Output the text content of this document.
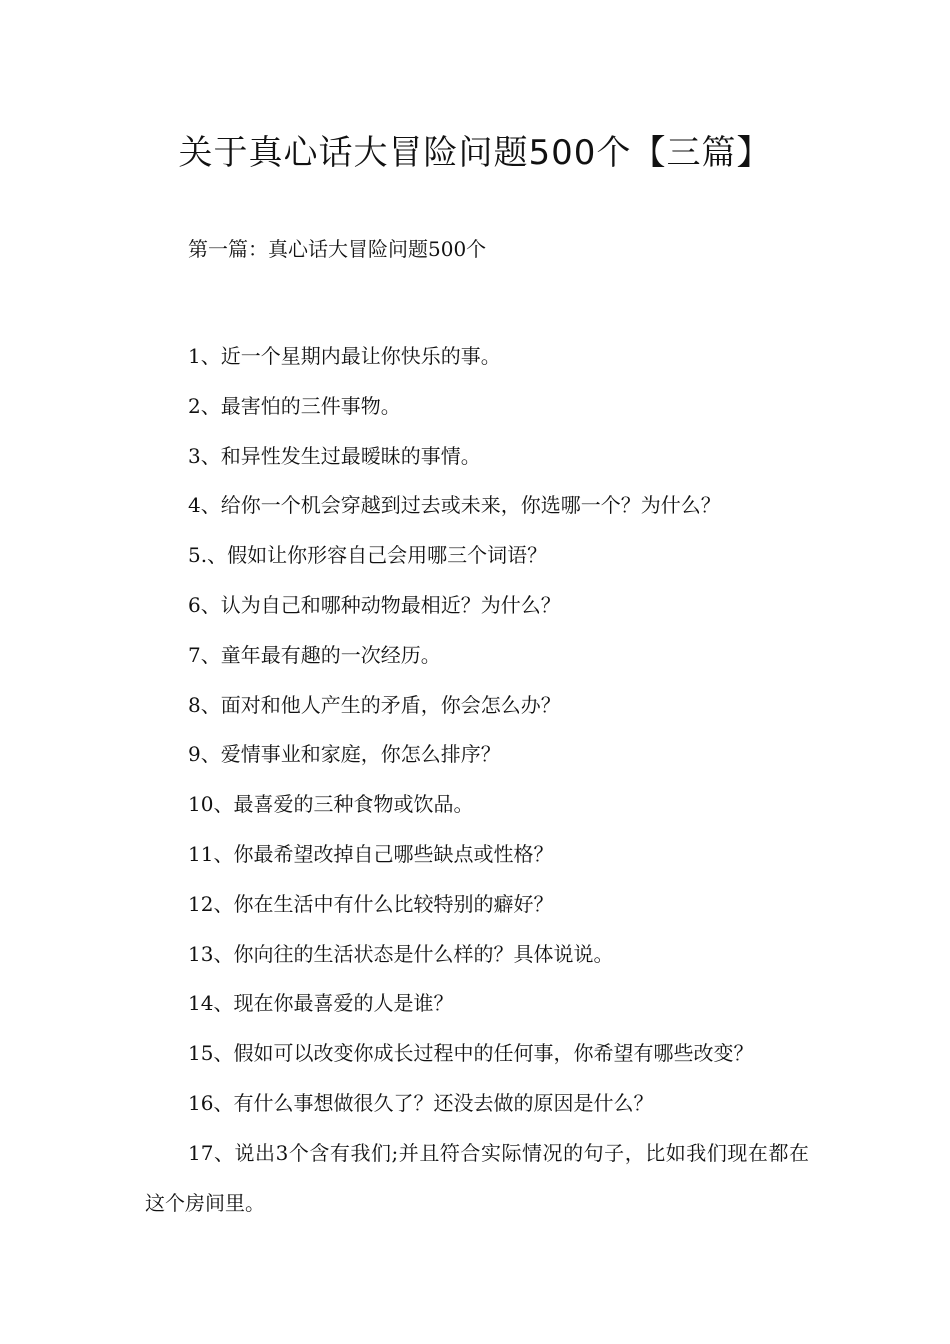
关于真心话大冒险问题500个【三篇】

第一篇：真心话大冒险问题500个

1、近一个星期内最让你快乐的事。
2、最害怕的三件事物。
3、和异性发生过最暧昧的事情。
4、给你一个机会穿越到过去或未来，你选哪一个？为什么？
5.、假如让你形容自己会用哪三个词语？
6、认为自己和哪种动物最相近？为什么？
7、童年最有趣的一次经历。
8、面对和他人产生的矛盾，你会怎么办？
9、爱情事业和家庭，你怎么排序？
10、最喜爱的三种食物或饮品。
11、你最希望改掉自己哪些缺点或性格？
12、你在生活中有什么比较特别的癖好？
13、你向往的生活状态是什么样的？具体说说。
14、现在你最喜爱的人是谁？
15、假如可以改变你成长过程中的任何事，你希望有哪些改变？
16、有什么事想做很久了？还没去做的原因是什么？
17、说出3个含有我们;并且符合实际情况的句子，比如我们现在都在这个房间里。
